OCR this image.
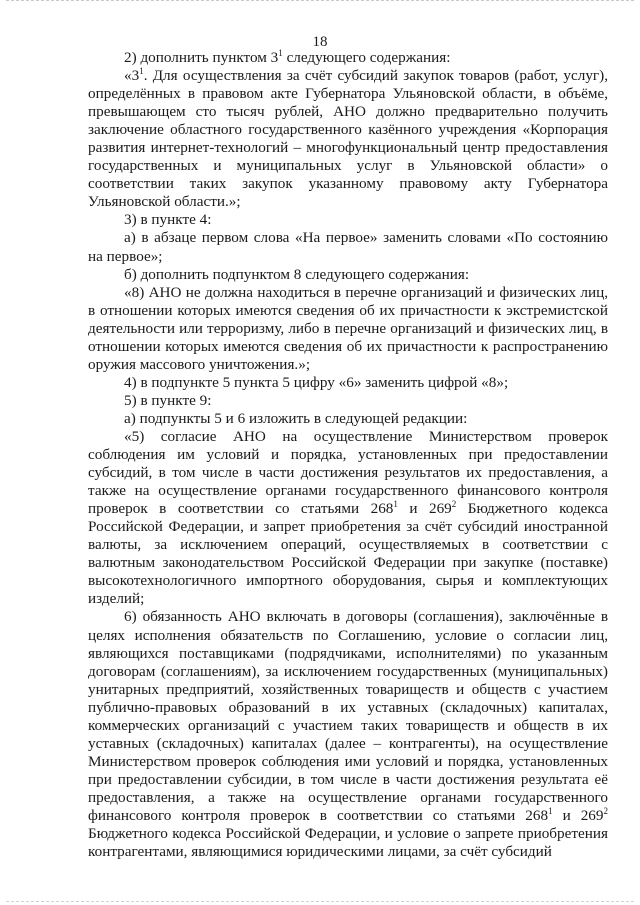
18

2) дополнить пунктом $3^1$ следующего содержания:

«$3^1$. Для осуществления за счёт субсидий закупок товаров (работ, услуг), определённых в правовом акте Губернатора Ульяновской области, в объёме, превышающем сто тысяч рублей, АНО должно предварительно получить заключение областного государственного казённого учреждения «Корпорация развития интернет-технологий – многофункциональный центр предоставления государственных и муниципальных услуг в Ульяновской области» о соответствии таких закупок указанному правовому акту Губернатора Ульяновской области.»;

3) в пункте 4:

а) в абзаце первом слова «На первое» заменить словами «По состоянию на первое»;

б) дополнить подпунктом 8 следующего содержания:

«8) АНО не должна находиться в перечне организаций и физических лиц, в отношении которых имеются сведения об их причастности к экстремистской деятельности или терроризму, либо в перечне организаций и физических лиц, в отношении которых имеются сведения об их причастности к распространению оружия массового уничтожения.»;

4) в подпункте 5 пункта 5 цифру «6» заменить цифрой «8»;

5) в пункте 9:

а) подпункты 5 и 6 изложить в следующей редакции:

«5) согласие АНО на осуществление Министерством проверок соблюдения им условий и порядка, установленных при предоставлении субсидий, в том числе в части достижения результатов их предоставления, а также на осуществление органами государственного финансового контроля проверок в соответствии со статьями $268^1$ и $269^2$ Бюджетного кодекса Российской Федерации, и запрет приобретения за счёт субсидий иностранной валюты, за исключением операций, осуществляемых в соответствии с валютным законодательством Российской Федерации при закупке (поставке) высокотехнологичного импортного оборудования, сырья и комплектующих изделий;

6) обязанность АНО включать в договоры (соглашения), заключённые в целях исполнения обязательств по Соглашению, условие о согласии лиц, являющихся поставщиками (подрядчиками, исполнителями) по указанным договорам (соглашениям), за исключением государственных (муниципальных) унитарных предприятий, хозяйственных товариществ и обществ с участием публично-правовых образований в их уставных (складочных) капиталах, коммерческих организаций с участием таких товариществ и обществ в их уставных (складочных) капиталах (далее – контрагенты), на осуществление Министерством проверок соблюдения ими условий и порядка, установленных при предоставлении субсидии, в том числе в части достижения результата её предоставления, а также на осуществление органами государственного финансового контроля проверок в соответствии со статьями $268^1$ и $269^2$ Бюджетного кодекса Российской Федерации, и условие о запрете приобретения контрагентами, являющимися юридическими лицами, за счёт субсидий
